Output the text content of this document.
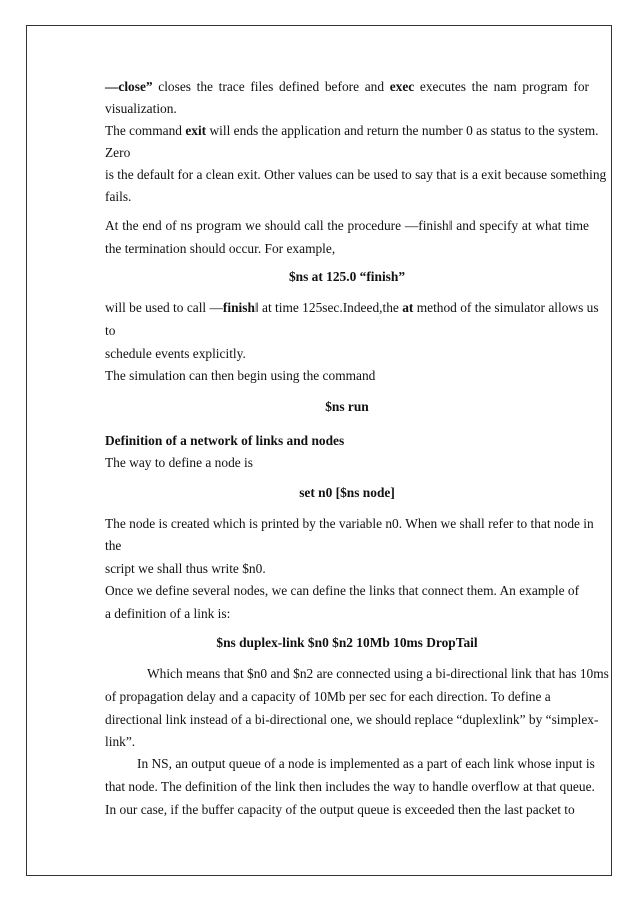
―close” closes the trace files defined before and exec executes the nam program for
visualization.
The command exit will ends the application and return the number 0 as status to the system.
Zero
is the default for a clean exit. Other values can be used to say that is a exit because something
fails.
At the end of ns program we should call the procedure ―finish‖ and specify at what time
the termination should occur. For example,
$ns at 125.0 “finish”
will be used to call ―finish‖ at time 125sec.Indeed,the at method of the simulator allows us
to
schedule events explicitly.
The simulation can then begin using the command
$ns run
Definition of a network of links and nodes
The way to define a node is
set n0 [$ns node]
The node is created which is printed by the variable n0. When we shall refer to that node in
the
script we shall thus write $n0.
Once we define several nodes, we can define the links that connect them. An example of
a definition of a link is:
$ns duplex-link $n0 $n2 10Mb 10ms DropTail
Which means that $n0 and $n2 are connected using a bi-directional link that has 10ms
of propagation delay and a capacity of 10Mb per sec for each direction. To define a
directional link instead of a bi-directional one, we should replace “duplexlink” by “simplex-
link”.
In NS, an output queue of a node is implemented as a part of each link whose input is
that node. The definition of the link then includes the way to handle overflow at that queue.
In our case, if the buffer capacity of the output queue is exceeded then the last packet to
